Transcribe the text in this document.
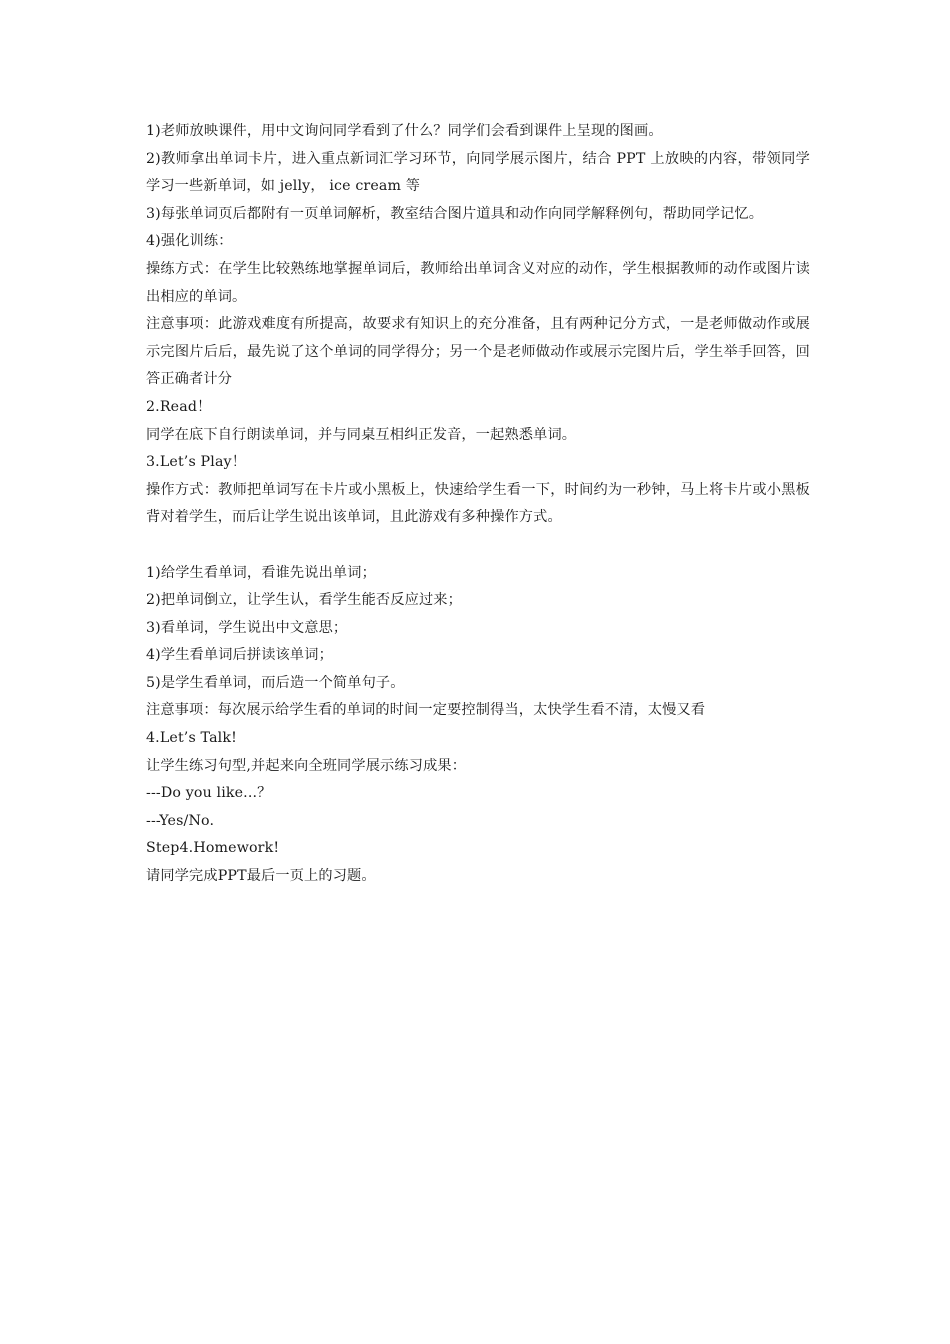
1)老师放映课件，用中文询问同学看到了什么？同学们会看到课件上呈现的图画。
2)教师拿出单词卡片，进入重点新词汇学习环节，向同学展示图片，结合 PPT 上放映的内容，带领同学学习一些新单词，如 jelly， ice cream 等
3)每张单词页后都附有一页单词解析，教室结合图片道具和动作向同学解释例句，帮助同学记忆。
4)强化训练：
操练方式：在学生比较熟练地掌握单词后，教师给出单词含义对应的动作，学生根据教师的动作或图片读出相应的单词。
注意事项：此游戏难度有所提高，故要求有知识上的充分准备，且有两种记分方式，一是老师做动作或展示完图片后后，最先说了这个单词的同学得分；另一个是老师做动作或展示完图片后，学生举手回答，回答正确者计分
2.Read！
同学在底下自行朗读单词，并与同桌互相纠正发音，一起熟悉单词。
3.Let’s Play！
操作方式：教师把单词写在卡片或小黑板上，快速给学生看一下，时间约为一秒钟，马上将卡片或小黑板背对着学生，而后让学生说出该单词，且此游戏有多种操作方式。
1)给学生看单词，看谁先说出单词；
2)把单词倒立，让学生认，看学生能否反应过来；
3)看单词，学生说出中文意思；
4)学生看单词后拼读该单词；
5)是学生看单词，而后造一个简单句子。
注意事项：每次展示给学生看的单词的时间一定要控制得当，太快学生看不清，太慢又看
4.Let’s Talk!
让学生练习句型,并起来向全班同学展示练习成果：
---Do you like...？
---Yes/No.
Step4.Homework!
请同学完成PPT最后一页上的习题。
